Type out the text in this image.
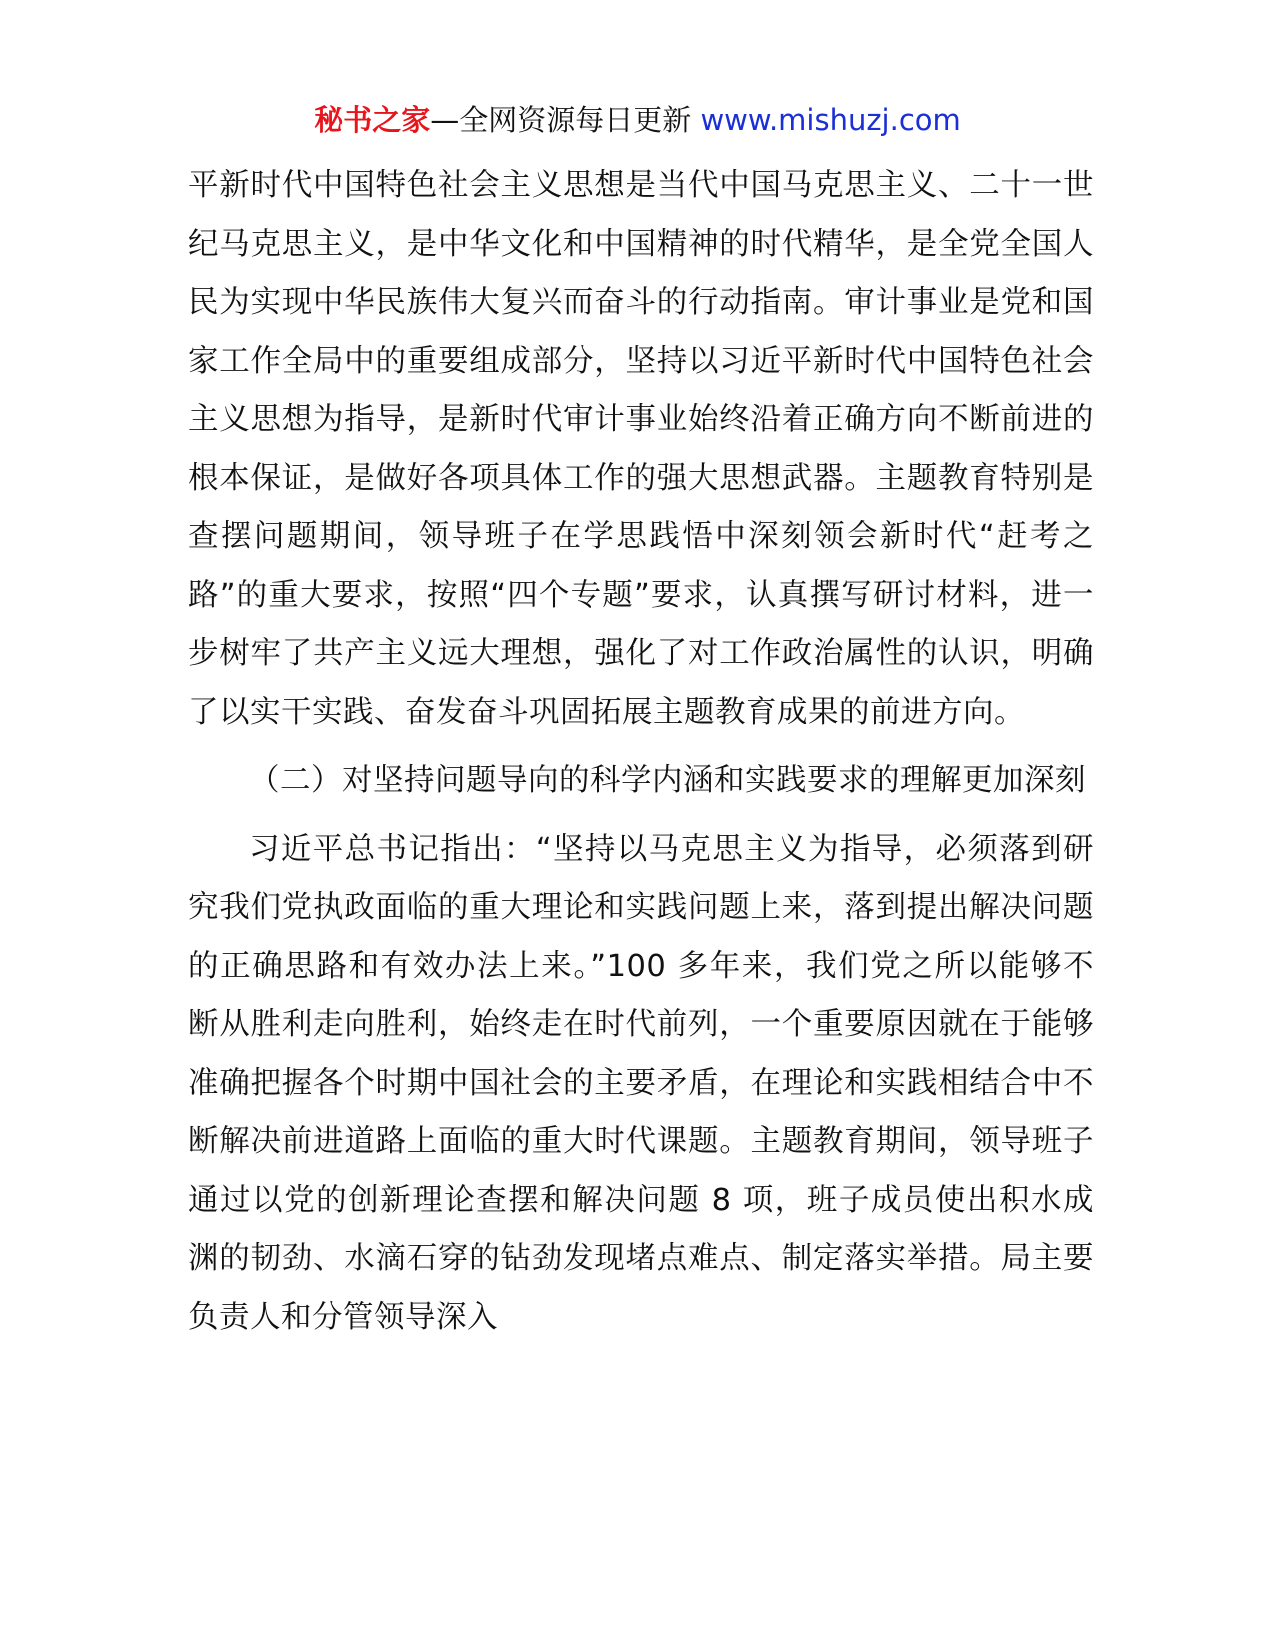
秘书之家—全网资源每日更新 www.mishuzj.com

平新时代中国特色社会主义思想是当代中国马克思主义、二十一世纪马克思主义，是中华文化和中国精神的时代精华，是全党全国人民为实现中华民族伟大复兴而奋斗的行动指南。审计事业是党和国家工作全局中的重要组成部分，坚持以习近平新时代中国特色社会主义思想为指导，是新时代审计事业始终沿着正确方向不断前进的根本保证，是做好各项具体工作的强大思想武器。主题教育特别是查摆问题期间，领导班子在学思践悟中深刻领会新时代“赶考之路”的重大要求，按照“四个专题”要求，认真撰写研讨材料，进一步树牢了共产主义远大理想，强化了对工作政治属性的认识，明确了以实干实践、奋发奋斗巩固拓展主题教育成果的前进方向。

（二）对坚持问题导向的科学内涵和实践要求的理解更加深刻

习近平总书记指出：“坚持以马克思主义为指导，必须落到研究我们党执政面临的重大理论和实践问题上来，落到提出解决问题的正确思路和有效办法上来。”100 多年来，我们党之所以能够不断从胜利走向胜利，始终走在时代前列，一个重要原因就在于能够准确把握各个时期中国社会的主要矛盾，在理论和实践相结合中不断解决前进道路上面临的重大时代课题。主题教育期间，领导班子通过以党的创新理论查摆和解决问题 8 项，班子成员使出积水成渊的韧劲、水滴石穿的钻劲发现堵点难点、制定落实举措。局主要负责人和分管领导深入
